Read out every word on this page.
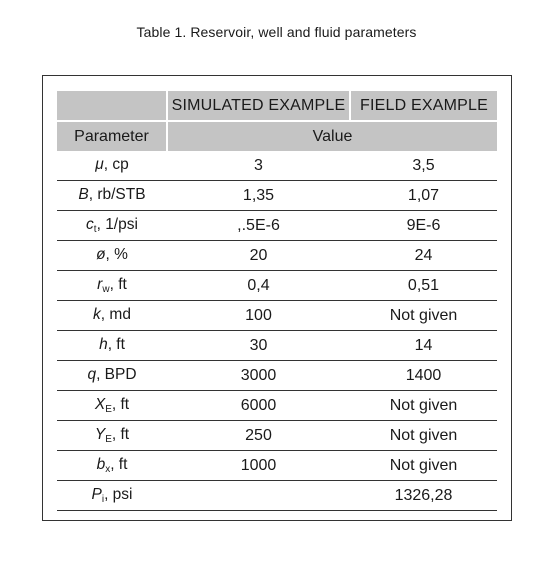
Table 1. Reservoir, well and fluid parameters
	SIMULATED EXAMPLE	FIELD EXAMPLE
Parameter	Value	
μ, cp	3	3,5
B, rb/STB	1,35	1,07
$c_t$, 1/psi	,.5E-6	9E-6
ø, %	20	24
$r_w$, ft	0,4	0,51
k, md	100	Not given
h, ft	30	14
q, BPD	3000	1400
$X_E$, ft	6000	Not given
$Y_E$, ft	250	Not given
$b_x$, ft	1000	Not given
$P_i$, psi		1326,28
